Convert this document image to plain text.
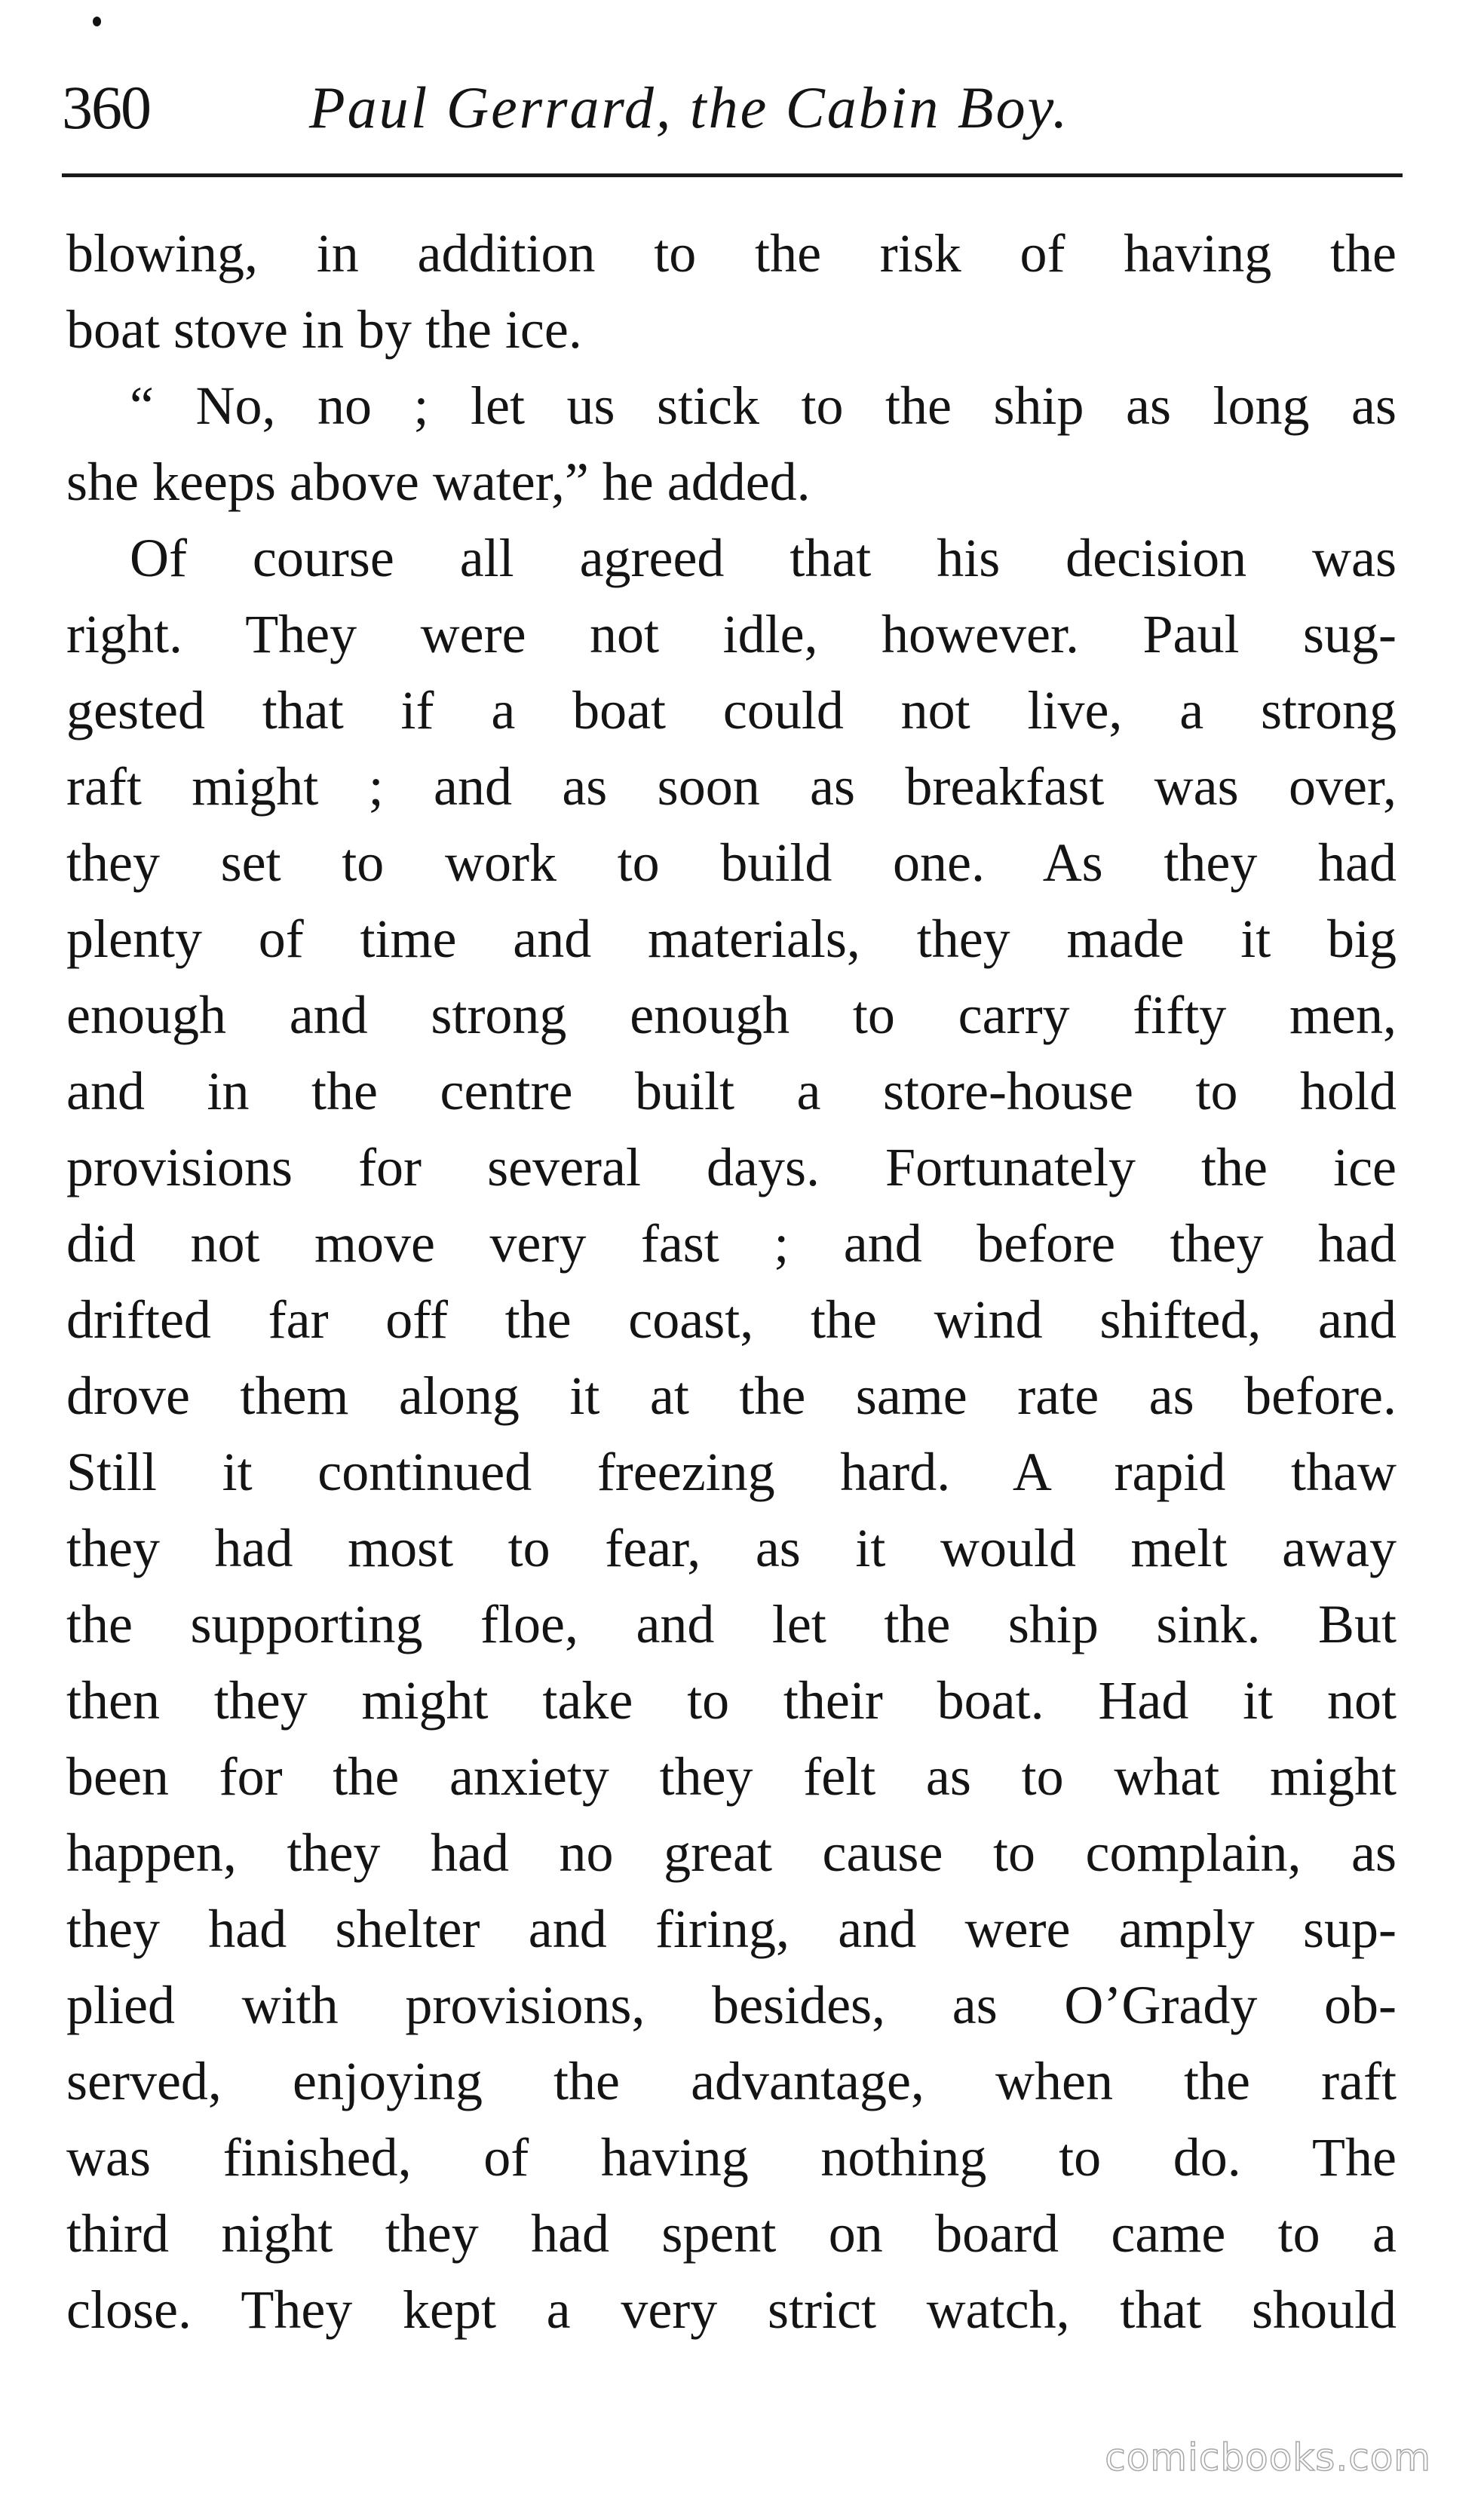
360	Paul Gerrard, the Cabin Boy.
blowing, in addition to the risk of having the
boat stove in by the ice.
“ No, no ; let us stick to the ship as long as
she keeps above water,” he added.
Of course all agreed that his decision was
right. They were not idle, however. Paul sug-
gested that if a boat could not live, a strong
raft might ; and as soon as breakfast was over,
they set to work to build one. As they had
plenty of time and materials, they made it big
enough and strong enough to carry fifty men,
and in the centre built a store-house to hold
provisions for several days. Fortunately the ice
did not move very fast ; and before they had
drifted far off the coast, the wind shifted, and
drove them along it at the same rate as before.
Still it continued freezing hard. A rapid thaw
they had most to fear, as it would melt away
the supporting floe, and let the ship sink. But
then they might take to their boat. Had it not
been for the anxiety they felt as to what might
happen, they had no great cause to complain, as
they had shelter and firing, and were amply sup-
plied with provisions, besides, as O’Grady ob-
served, enjoying the advantage, when the raft
was finished, of having nothing to do. The
third night they had spent on board came to a
close. They kept a very strict watch, that should
comicbooks.com
